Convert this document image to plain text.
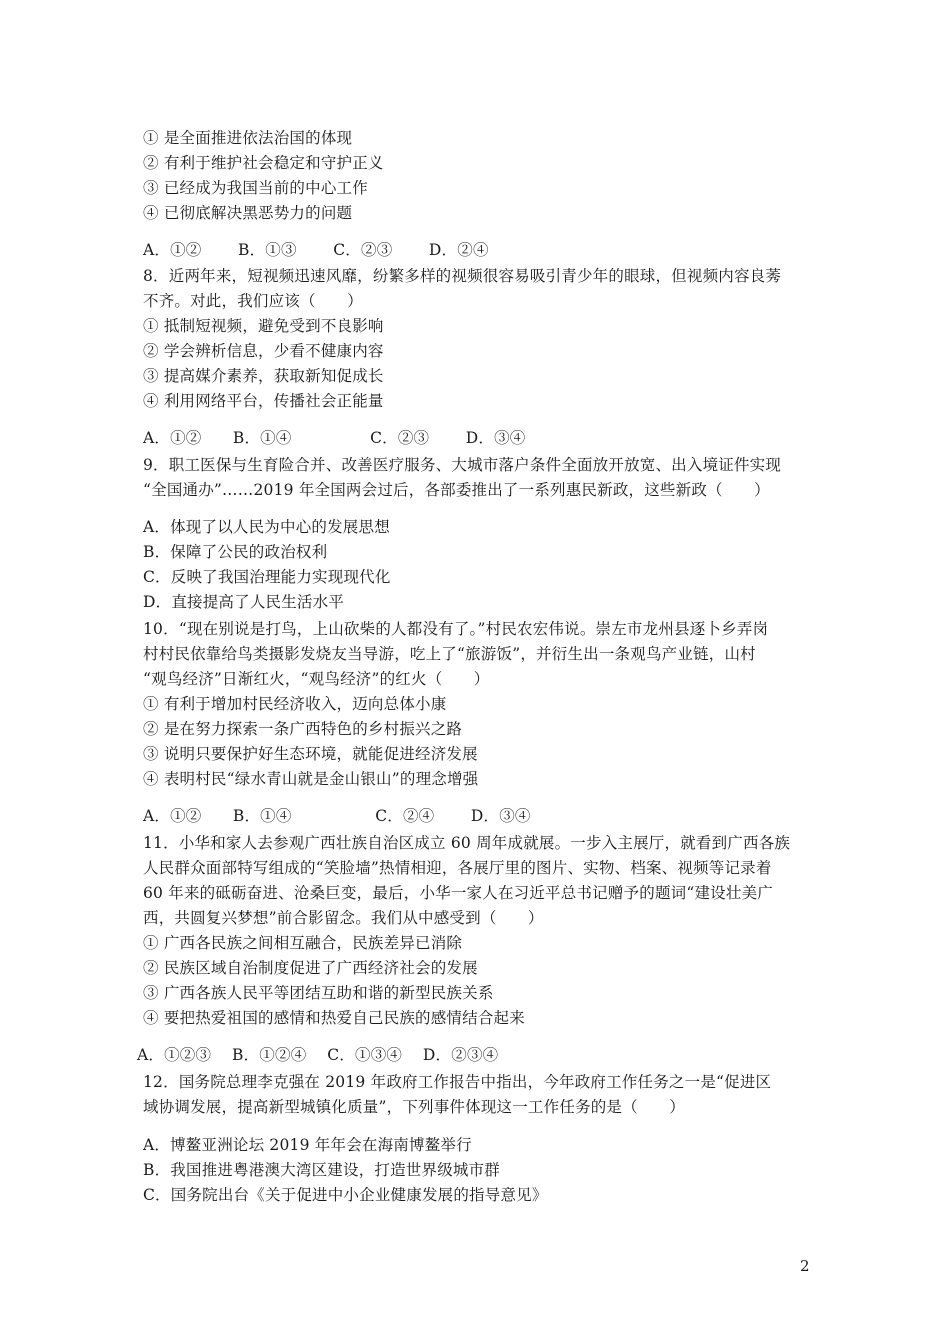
① 是全面推进依法治国的体现
② 有利于维护社会稳定和守护正义
③ 已经成为我国当前的中心工作
④ 已彻底解决黑恶势力的问题
A．①②　　 B．①③　　 C．②③　　 D．②④
8．近两年来，短视频迅速风靡，纷繁多样的视频很容易吸引青少年的眼球，但视频内容良莠
不齐。对此，我们应该（　　）
① 抵制短视频，避免受到不良影响
② 学会辨析信息，少看不健康内容
③ 提高媒介素养，获取新知促成长
④ 利用网络平台，传播社会正能量
A．①②　　B．①④　　　　　C．②③　　 D．③④
9．职工医保与生育险合并、改善医疗服务、大城市落户条件全面放开放宽、出入境证件实现
“全国通办”……2019 年全国两会过后，各部委推出了一系列惠民新政，这些新政（　　）
A．体现了以人民为中心的发展思想
B．保障了公民的政治权利
C．反映了我国治理能力实现现代化
D．直接提高了人民生活水平
10．“现在别说是打鸟，上山砍柴的人都没有了。”村民农宏伟说。崇左市龙州县逐卜乡弄岗
村村民依靠给鸟类摄影发烧友当导游，吃上了“旅游饭”，并衍生出一条观鸟产业链，山村
“观鸟经济”日渐红火，“观鸟经济”的红火（　　）
① 有利于增加村民经济收入，迈向总体小康
② 是在努力探索一条广西特色的乡村振兴之路
③ 说明只要保护好生态环境，就能促进经济发展
④ 表明村民“绿水青山就是金山银山”的理念增强
A．①②　　B．①④　　　　　 C．②④　　 D．③④
11．小华和家人去参观广西壮族自治区成立 60 周年成就展。一步入主展厅，就看到广西各族
人民群众面部特写组成的“笑脸墙”热情相迎，各展厅里的图片、实物、档案、视频等记录着
60 年来的砥砺奋进、沧桑巨变，最后，小华一家人在习近平总书记赠予的题词“建设壮美广
西，共圆复兴梦想”前合影留念。我们从中感受到（　　）
① 广西各民族之间相互融合，民族差异已消除
② 民族区域自治制度促进了广西经济社会的发展
③ 广西各族人民平等团结互助和谐的新型民族关系
④ 要把热爱祖国的感情和热爱自己民族的感情结合起来
A．①②③　 B．①②④　 C．①③④　 D．②③④
12．国务院总理李克强在 2019 年政府工作报告中指出，今年政府工作任务之一是“促进区
域协调发展，提高新型城镇化质量”，下列事件体现这一工作任务的是（　　）
A．博鳌亚洲论坛 2019 年年会在海南博鳌举行
B．我国推进粤港澳大湾区建设，打造世界级城市群
C．国务院出台《关于促进中小企业健康发展的指导意见》
2
